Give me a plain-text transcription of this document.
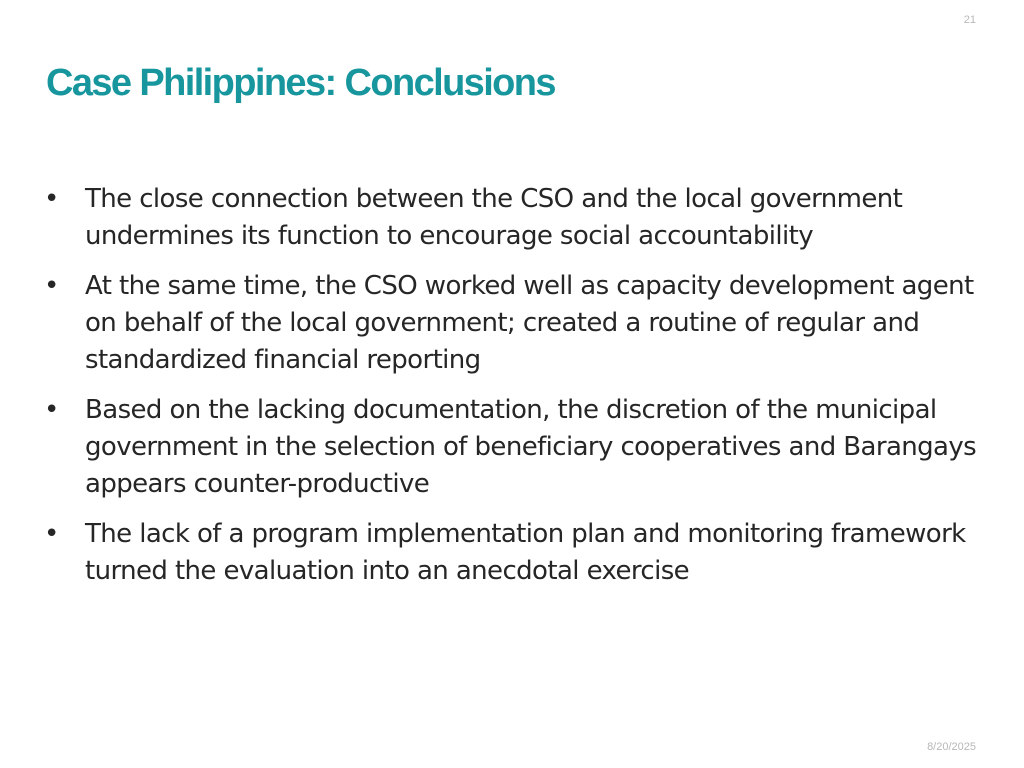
21
Case Philippines: Conclusions
• The close connection between the CSO and the local government undermines its function to encourage social accountability
• At the same time, the CSO worked well as capacity development agent on behalf of the local government; created a routine of regular and standardized financial reporting
• Based on the lacking documentation, the discretion of the municipal government in the selection of beneficiary cooperatives and Barangays appears counter-productive
• The lack of a program implementation plan and monitoring framework turned the evaluation into an anecdotal exercise
8/20/2025
